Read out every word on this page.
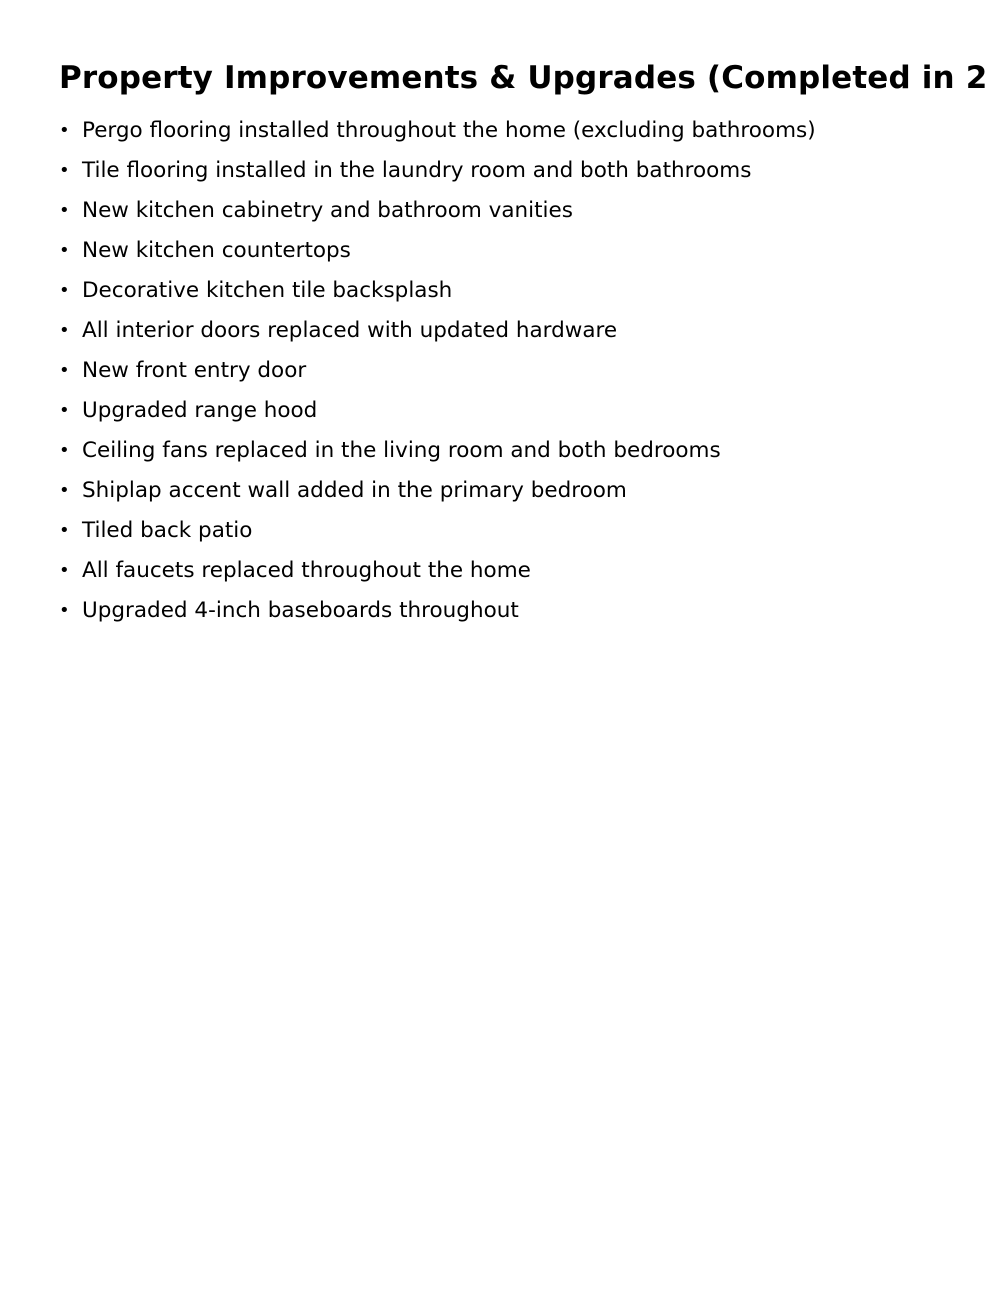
Property Improvements & Upgrades (Completed in 2
• Pergo flooring installed throughout the home (excluding bathrooms)
• Tile flooring installed in the laundry room and both bathrooms
• New kitchen cabinetry and bathroom vanities
• New kitchen countertops
• Decorative kitchen tile backsplash
• All interior doors replaced with updated hardware
• New front entry door
• Upgraded range hood
• Ceiling fans replaced in the living room and both bedrooms
• Shiplap accent wall added in the primary bedroom
• Tiled back patio
• All faucets replaced throughout the home
• Upgraded 4-inch baseboards throughout
